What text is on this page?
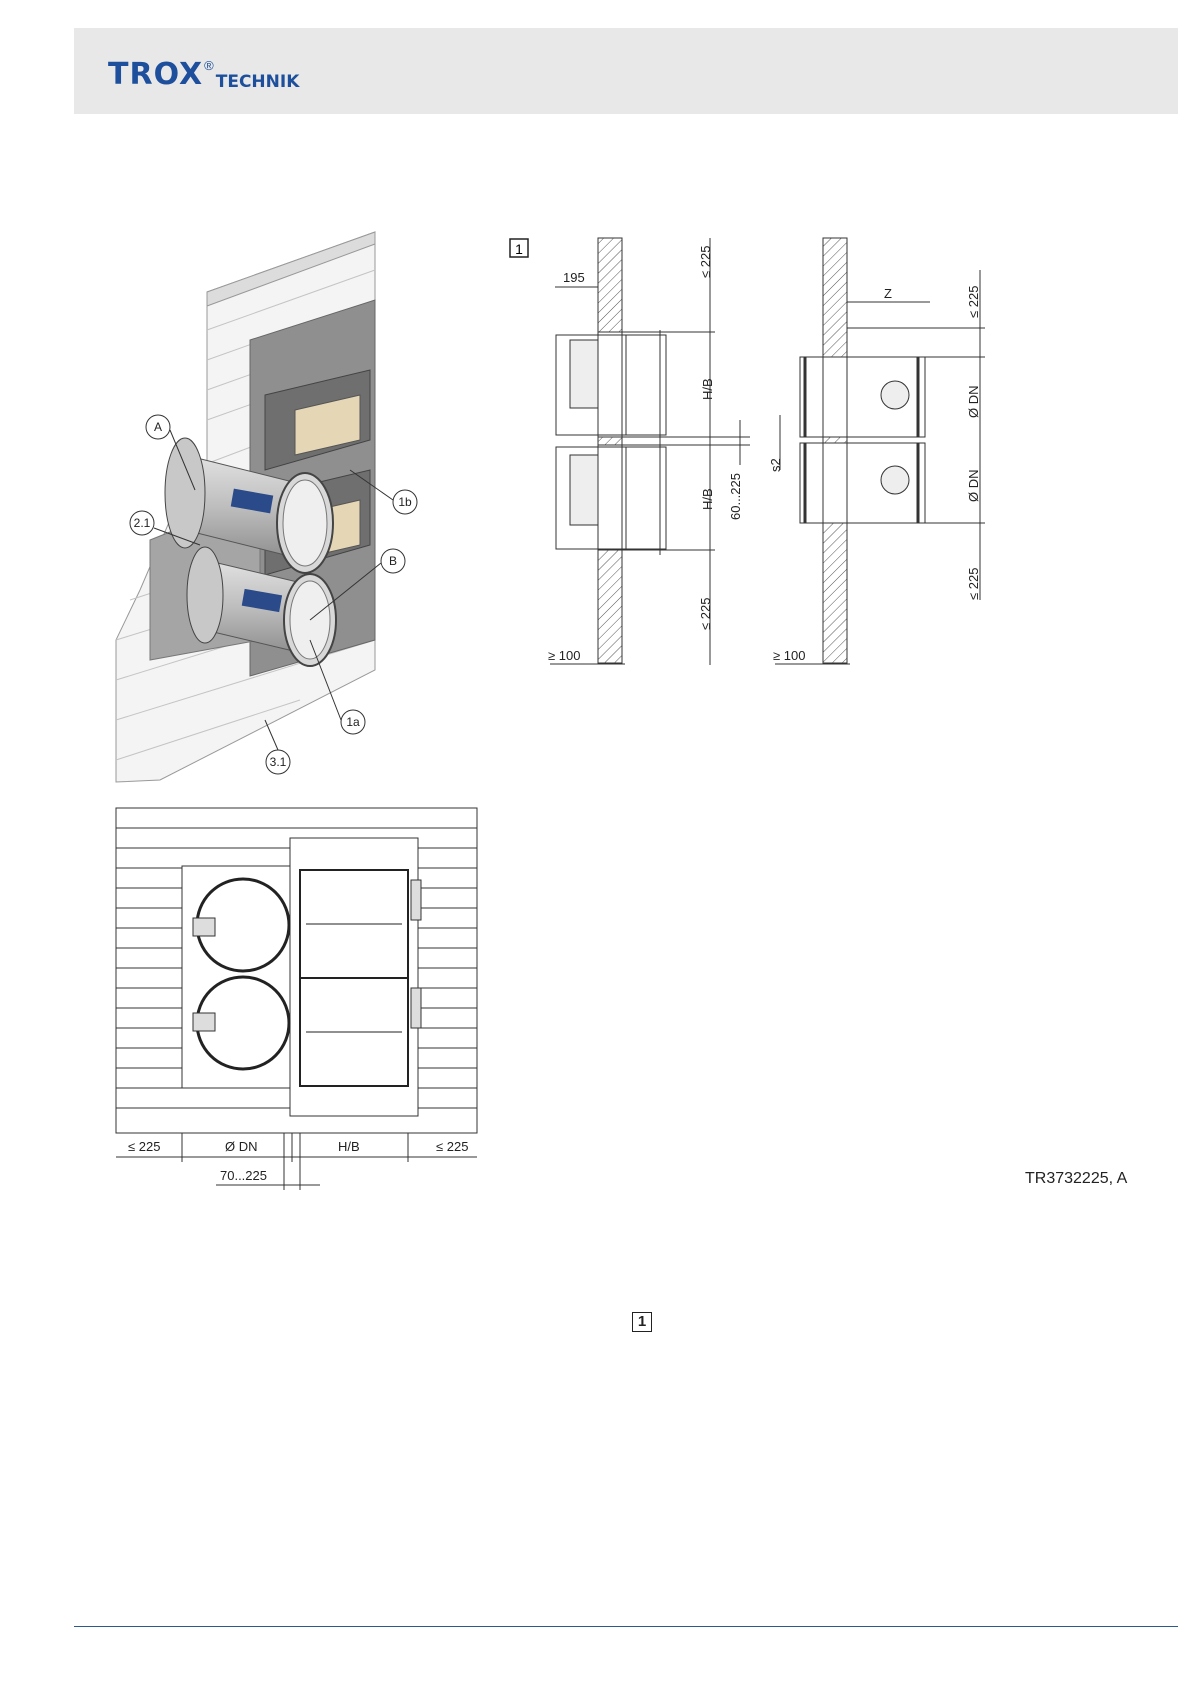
TROX ®
TECHNIK
A
B
1b
1a
2.1
3.1
1
195	≤ 225
H/B
H/B 60...225
≤ 225
≥ 100
Z	≤ 225
Ø DN
Ø DN
s2
≤ 225
≥ 100
≤ 225	Ø DN	H/B	≤ 225
70...225	TR3732225, A
1
